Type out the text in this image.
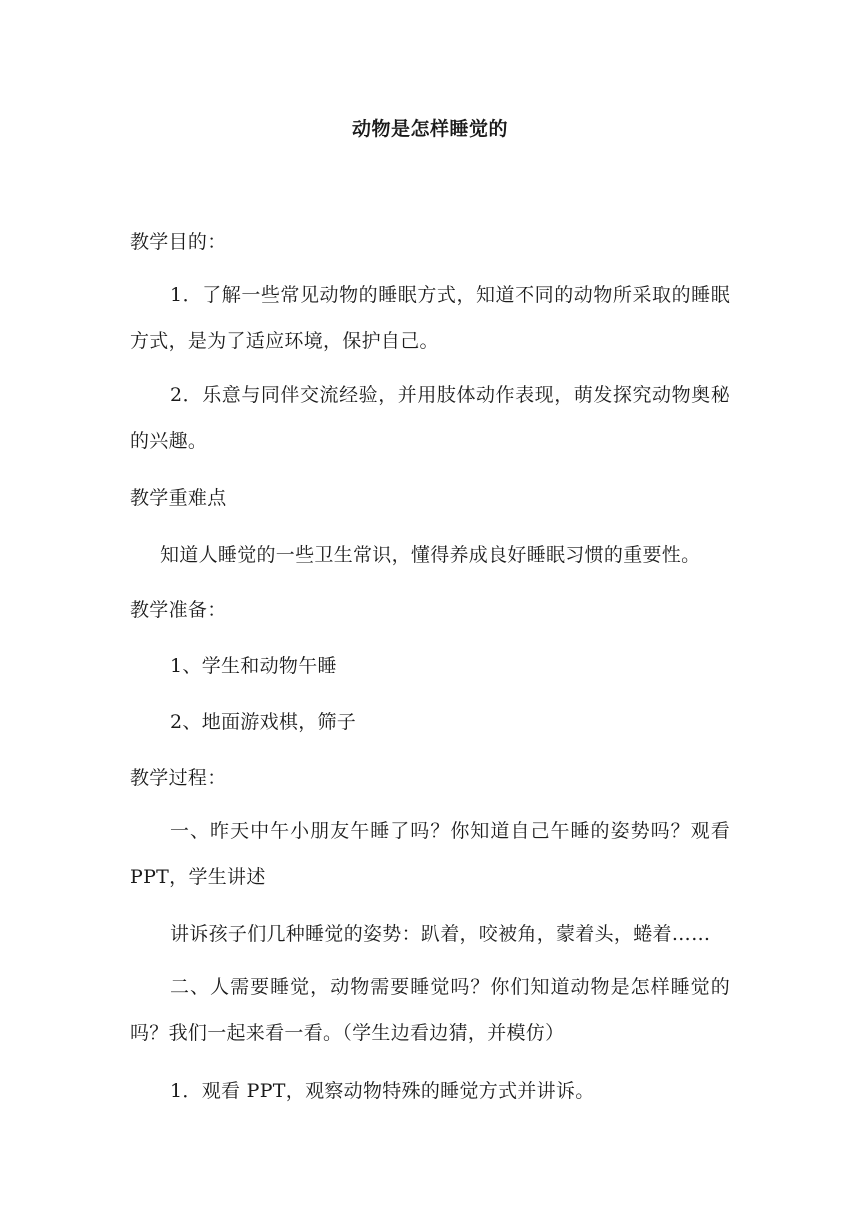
动物是怎样睡觉的
教学目的：
1．了解一些常见动物的睡眠方式，知道不同的动物所采取的睡眠方式，是为了适应环境，保护自己。
2．乐意与同伴交流经验，并用肢体动作表现，萌发探究动物奥秘的兴趣。
教学重难点
知道人睡觉的一些卫生常识，懂得养成良好睡眠习惯的重要性。
教学准备：
1、学生和动物午睡
2、地面游戏棋，筛子
教学过程：
一、昨天中午小朋友午睡了吗？你知道自己午睡的姿势吗？观看PPT，学生讲述
讲诉孩子们几种睡觉的姿势：趴着，咬被角，蒙着头，蜷着……
二、人需要睡觉，动物需要睡觉吗？你们知道动物是怎样睡觉的吗？我们一起来看一看。（学生边看边猜，并模仿）
1．观看 PPT，观察动物特殊的睡觉方式并讲诉。
